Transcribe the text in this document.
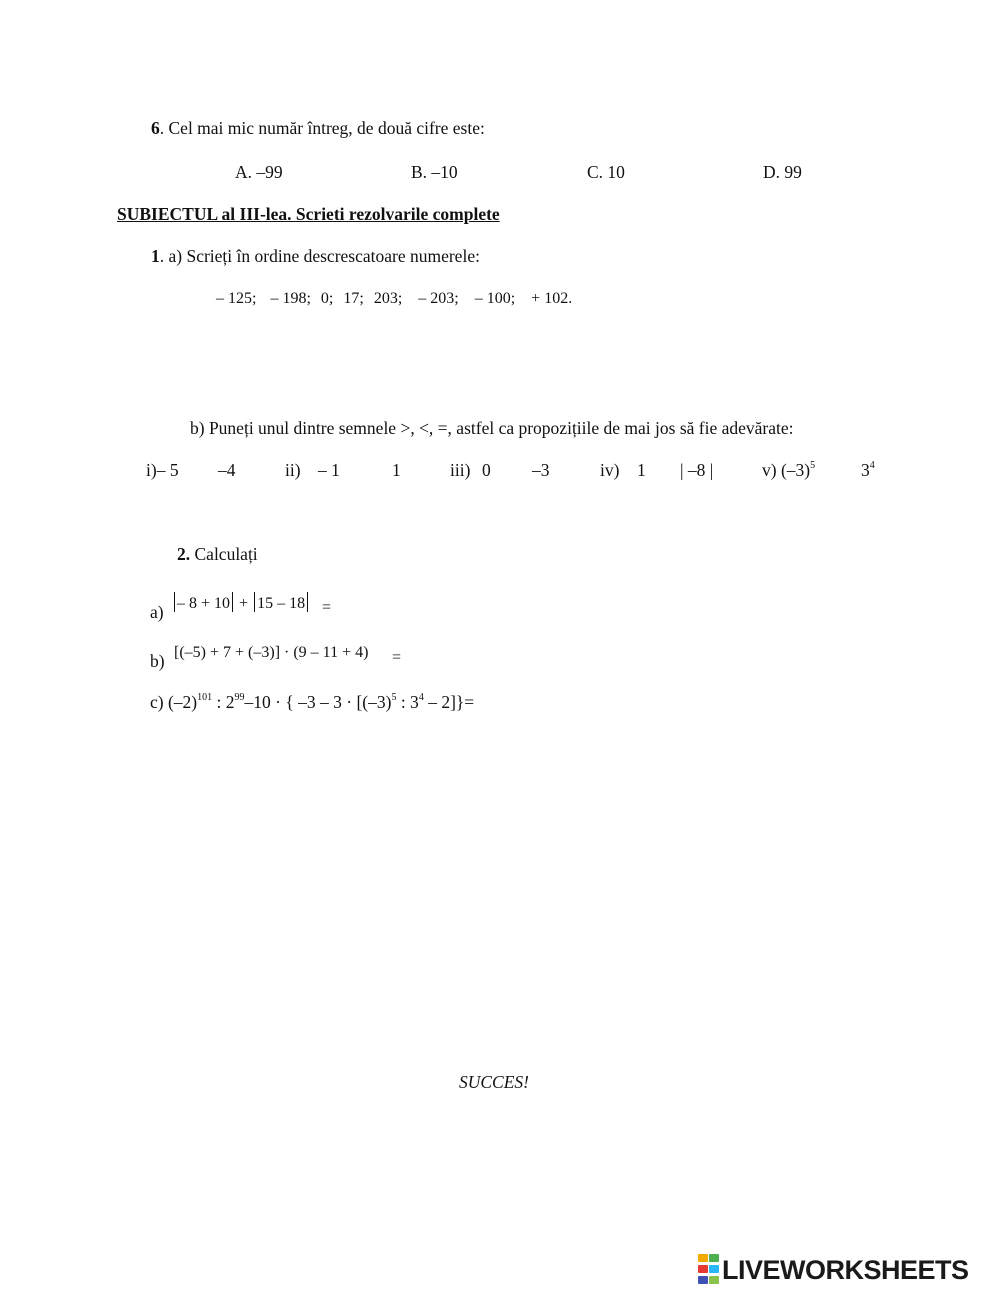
6. Cel mai mic număr întreg, de două cifre este:
A. –99	B. –10	C. 10	D. 99
SUBIECTUL al III-lea. Scrieti rezolvarile complete
1. a) Scrieți în ordine descrescatoare numerele:
– 125; – 198; 0; 17; 203; – 203; – 100; + 102.
b) Puneți unul dintre semnele >, <, =, astfel ca propozițiile de mai jos să fie adevărate:
i)– 5 –4	ii) – 1	1	iii) 0 –3	iv) 1 | –8 |	v) $(-3)^5$	$3^4$
2. Calculați
a) – 8 + 10 + 15 – 18	=
b) [(–5) + 7 + (–3)] · (9 – 11 + 4) =
c) $(-2)^{101}$ : $2^{99}-10$ · { $-3 - 3 \cdot [(-3)^5$ : $3^4 - 2]\}=$
SUCCES!
LIVEWORKSHEETS
